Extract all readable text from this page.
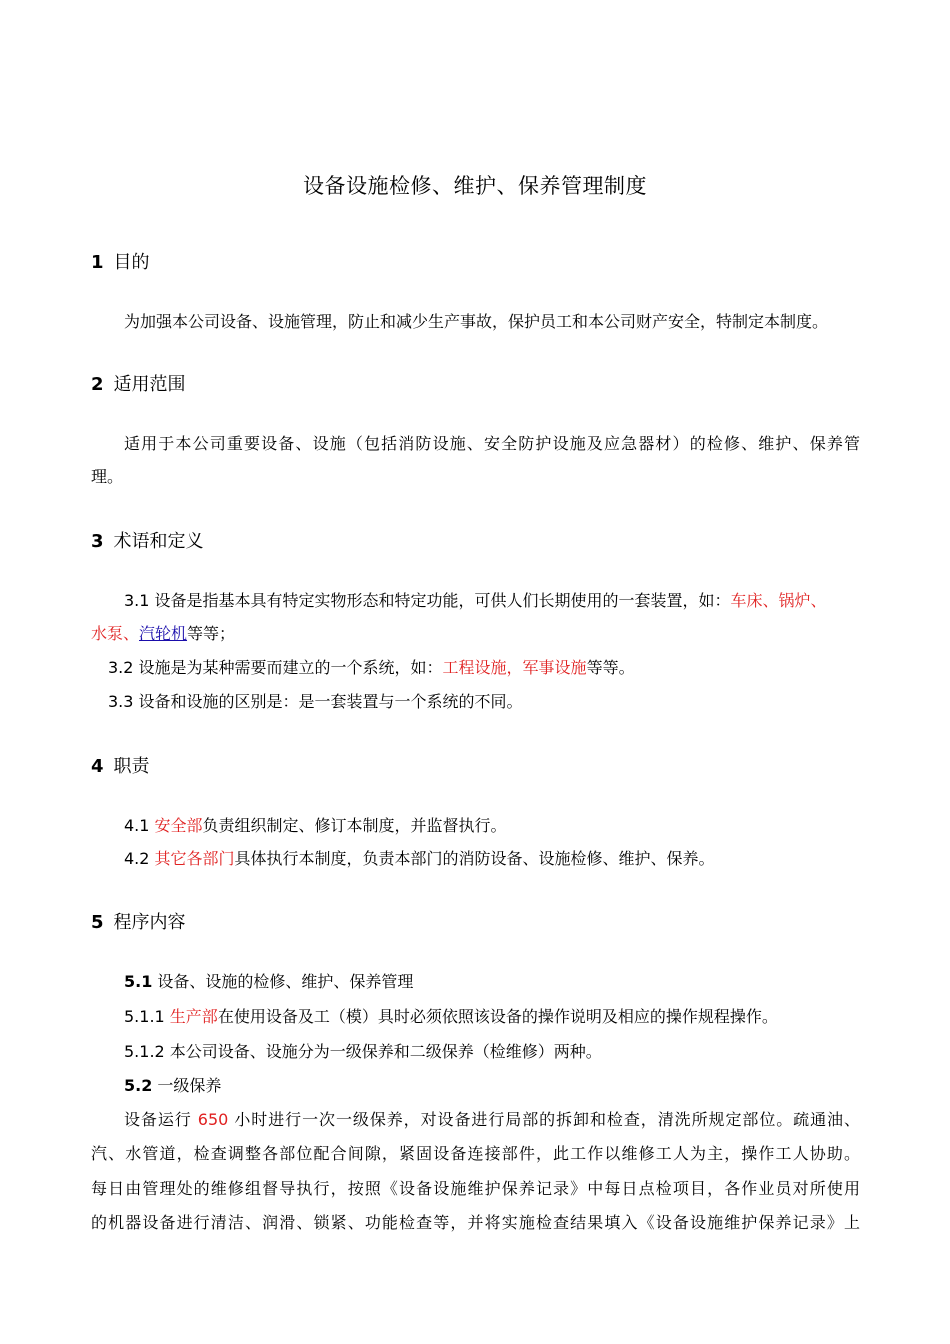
设备设施检修、维护、保养管理制度
1 目的
为加强本公司设备、设施管理，防止和减少生产事故，保护员工和本公司财产安全，特制定本制度。
2 适用范围
适用于本公司重要设备、设施（包括消防设施、安全防护设施及应急器材）的检修、维护、保养管
理。
3 术语和定义
3.1 设备是指基本具有特定实物形态和特定功能，可供人们长期使用的一套装置，如：车床、锅炉、
水泵、汽轮机等等；
3.2 设施是为某种需要而建立的一个系统，如：工程设施，军事设施等等。
3.3 设备和设施的区别是：是一套装置与一个系统的不同。
4 职责
4.1 安全部负责组织制定、修订本制度，并监督执行。
4.2 其它各部门具体执行本制度，负责本部门的消防设备、设施检修、维护、保养。
5 程序内容
5.1 设备、设施的检修、维护、保养管理
5.1.1 生产部在使用设备及工（模）具时必须依照该设备的操作说明及相应的操作规程操作。
5.1.2 本公司设备、设施分为一级保养和二级保养（检维修）两种。
5.2 一级保养
设备运行 650 小时进行一次一级保养，对设备进行局部的拆卸和检查，清洗所规定部位。疏通油、
汽、水管道，检查调整各部位配合间隙，紧固设备连接部件，此工作以维修工人为主，操作工人协助。
每日由管理处的维修组督导执行，按照《设备设施维护保养记录》中每日点检项目，各作业员对所使用
的机器设备进行清洁、润滑、锁紧、功能检查等，并将实施检查结果填入《设备设施维护保养记录》上
